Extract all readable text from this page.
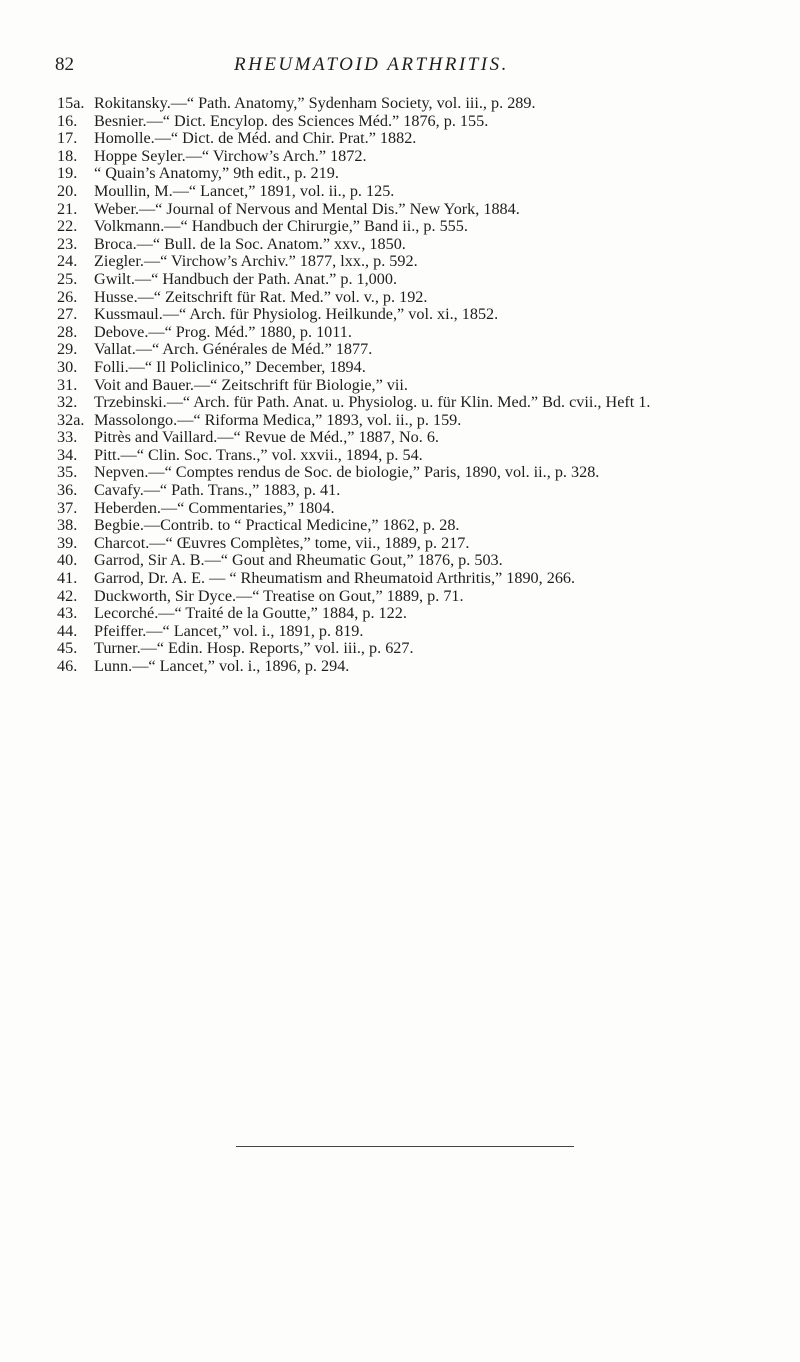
82	RHEUMATOID ARTHRITIS.
15a. Rokitansky.—“ Path. Anatomy,” Sydenham Society, vol. iii., p. 289.
16. Besnier.—“ Dict. Encylop. des Sciences Méd.” 1876, p. 155.
17. Homolle.—“ Dict. de Méd. and Chir. Prat.” 1882.
18. Hoppe Seyler.—“ Virchow’s Arch.” 1872.
19. “ Quain’s Anatomy,” 9th edit., p. 219.
20. Moullin, M.—“ Lancet,” 1891, vol. ii., p. 125.
21. Weber.—“ Journal of Nervous and Mental Dis.” New York, 1884.
22. Volkmann.—“ Handbuch der Chirurgie,” Band ii., p. 555.
23. Broca.—“ Bull. de la Soc. Anatom.” xxv., 1850.
24. Ziegler.—“ Virchow’s Archiv.” 1877, lxx., p. 592.
25. Gwilt.—“ Handbuch der Path. Anat.” p. 1,000.
26. Husse.—“ Zeitschrift für Rat. Med.” vol. v., p. 192.
27. Kussmaul.—“ Arch. für Physiolog. Heilkunde,” vol. xi., 1852.
28. Debove.—“ Prog. Méd.” 1880, p. 1011.
29. Vallat.—“ Arch. Générales de Méd.” 1877.
30. Folli.—“ Il Policlinico,” December, 1894.
31. Voit and Bauer.—“ Zeitschrift für Biologie,” vii.
32. Trzebinski.—“ Arch. für Path. Anat. u. Physiolog. u. für Klin. Med.” Bd. cvii., Heft 1.
32a. Massolongo.—“ Riforma Medica,” 1893, vol. ii., p. 159.
33. Pitrès and Vaillard.—“ Revue de Méd.,” 1887, No. 6.
34. Pitt.—“ Clin. Soc. Trans.,” vol. xxvii., 1894, p. 54.
35. Nepven.—“ Comptes rendus de Soc. de biologie,” Paris, 1890, vol. ii., p. 328.
36. Cavafy.—“ Path. Trans.,” 1883, p. 41.
37. Heberden.—“ Commentaries,” 1804.
38. Begbie.—Contrib. to “ Practical Medicine,” 1862, p. 28.
39. Charcot.—“ Œuvres Complètes,” tome, vii., 1889, p. 217.
40. Garrod, Sir A. B.—“ Gout and Rheumatic Gout,” 1876, p. 503.
41. Garrod, Dr. A. E. — “ Rheumatism and Rheumatoid Arthritis,” 1890, 266.
42. Duckworth, Sir Dyce.—“ Treatise on Gout,” 1889, p. 71.
43. Lecorché.—“ Traité de la Goutte,” 1884, p. 122.
44. Pfeiffer.—“ Lancet,” vol. i., 1891, p. 819.
45. Turner.—“ Edin. Hosp. Reports,” vol. iii., p. 627.
46. Lunn.—“ Lancet,” vol. i., 1896, p. 294.
